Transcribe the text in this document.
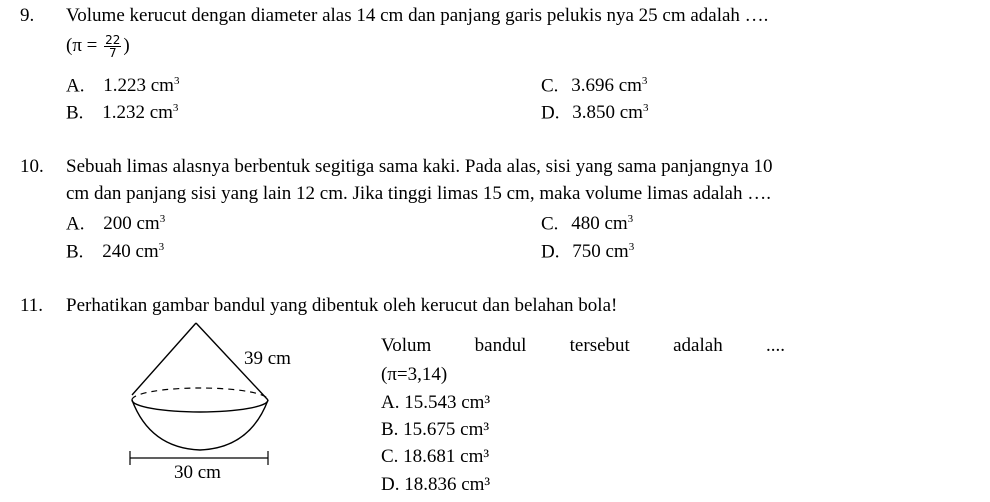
9. Volume kerucut dengan diameter alas 14 cm dan panjang garis pelukis nya 25 cm adalah ….
($\pi = \frac{22}{7}$ )
A. 1.223 $cm^3$
B. 1.232 $cm^3$
C. 3.696 $cm^3$
D. 3.850 $cm^3$
10. Sebuah limas alasnya berbentuk segitiga sama kaki. Pada alas, sisi yang sama panjangnya 10
cm dan panjang sisi yang lain 12 cm. Jika tinggi limas 15 cm, maka volume limas adalah ….
A. 200 $cm^3$
B. 240 $cm^3$
C. 480 $cm^3$
D. 750 $cm^3$
11. Perhatikan gambar bandul yang dibentuk oleh kerucut dan belahan bola!
39 cm
30 cm
Volum bandul tersebut adalah ....
(π=3,14)
A. 15.543 cm³
B. 15.675 cm³
C. 18.681 cm³
D. 18.836 cm³
